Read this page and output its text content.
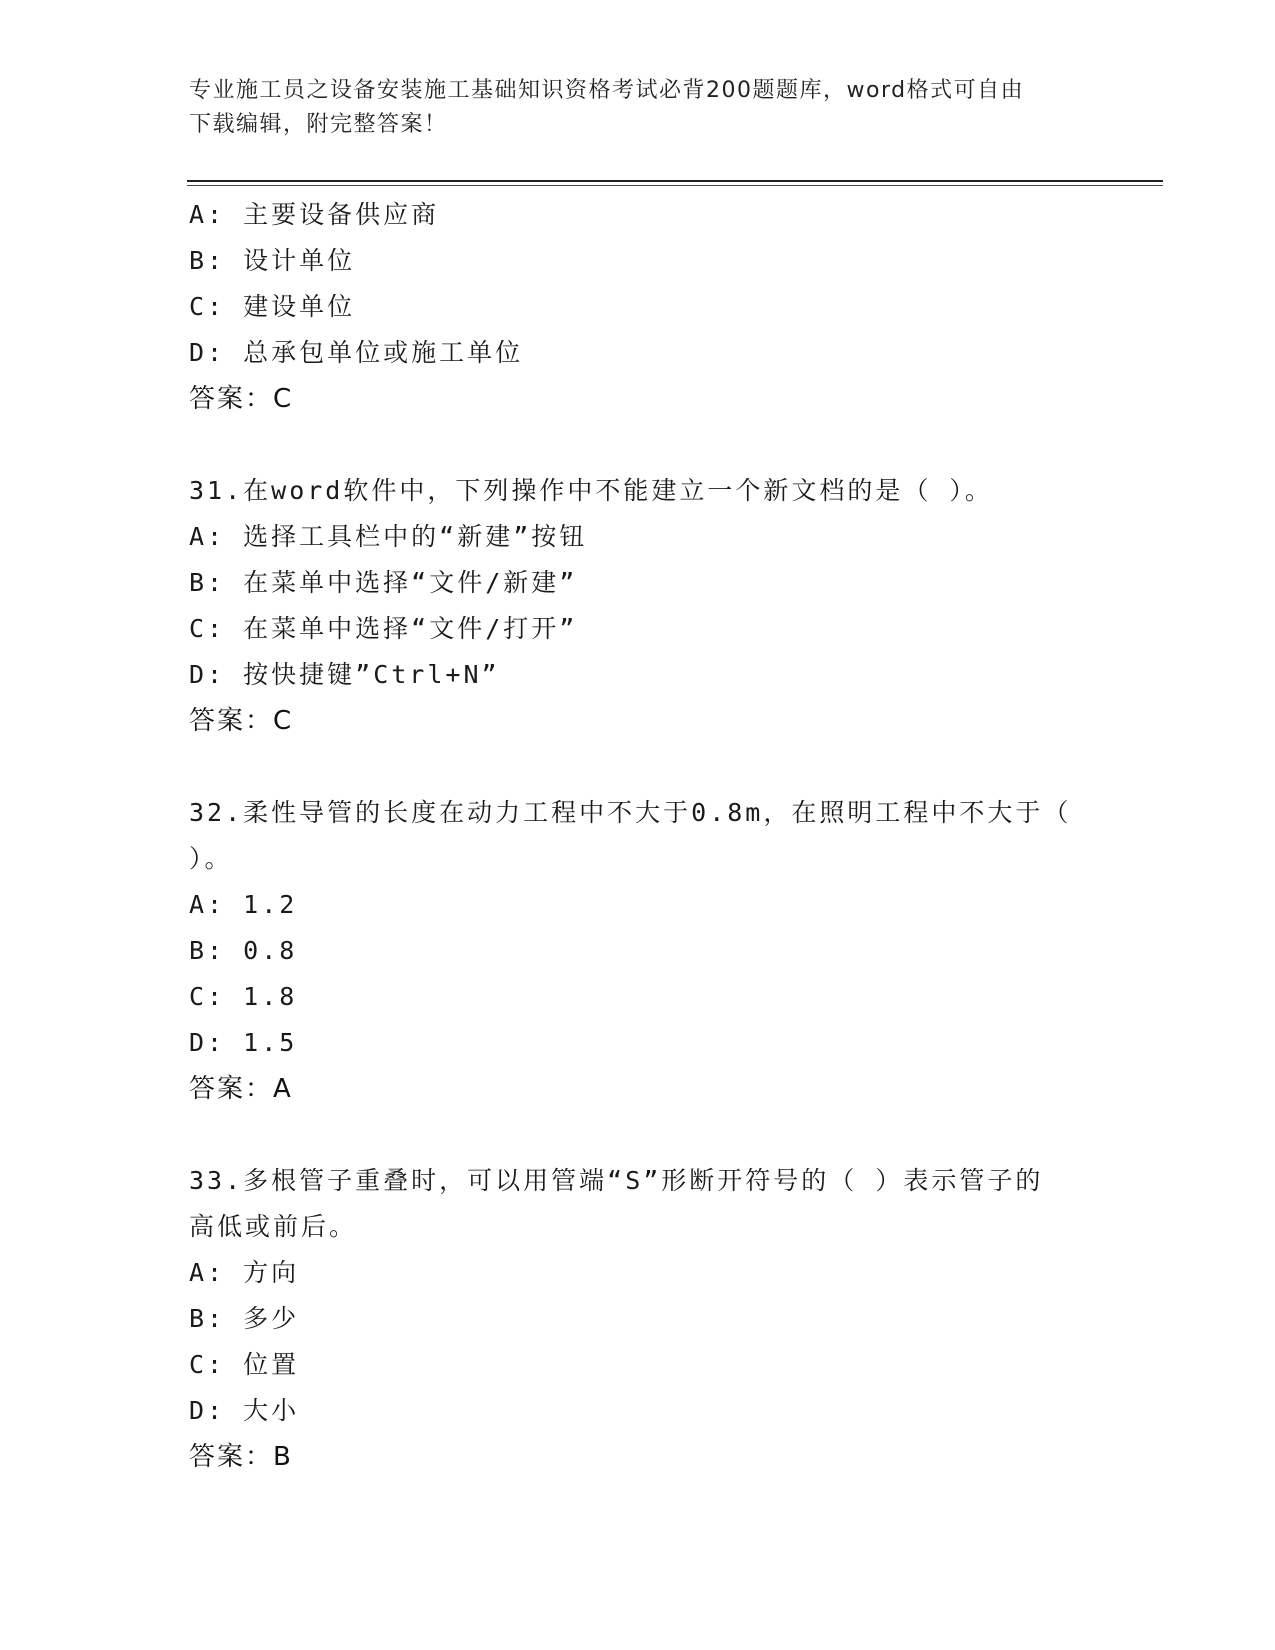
专业施工员之设备安装施工基础知识资格考试必背200题题库，word格式可自由
下载编辑，附完整答案！
A: 主要设备供应商
B: 设计单位
C: 建设单位
D: 总承包单位或施工单位
答案：C
31.在word软件中，下列操作中不能建立一个新文档的是（ ）。
A: 选择工具栏中的“新建”按钮
B: 在菜单中选择“文件/新建”
C: 在菜单中选择“文件/打开”
D: 按快捷键”Ctrl+N”
答案：C
32.柔性导管的长度在动力工程中不大于0.8m，在照明工程中不大于（
）。
A: 1.2
B: 0.8
C: 1.8
D: 1.5
答案：A
33.多根管子重叠时，可以用管端“S”形断开符号的（ ）表示管子的
高低或前后。
A: 方向
B: 多少
C: 位置
D: 大小
答案：B
